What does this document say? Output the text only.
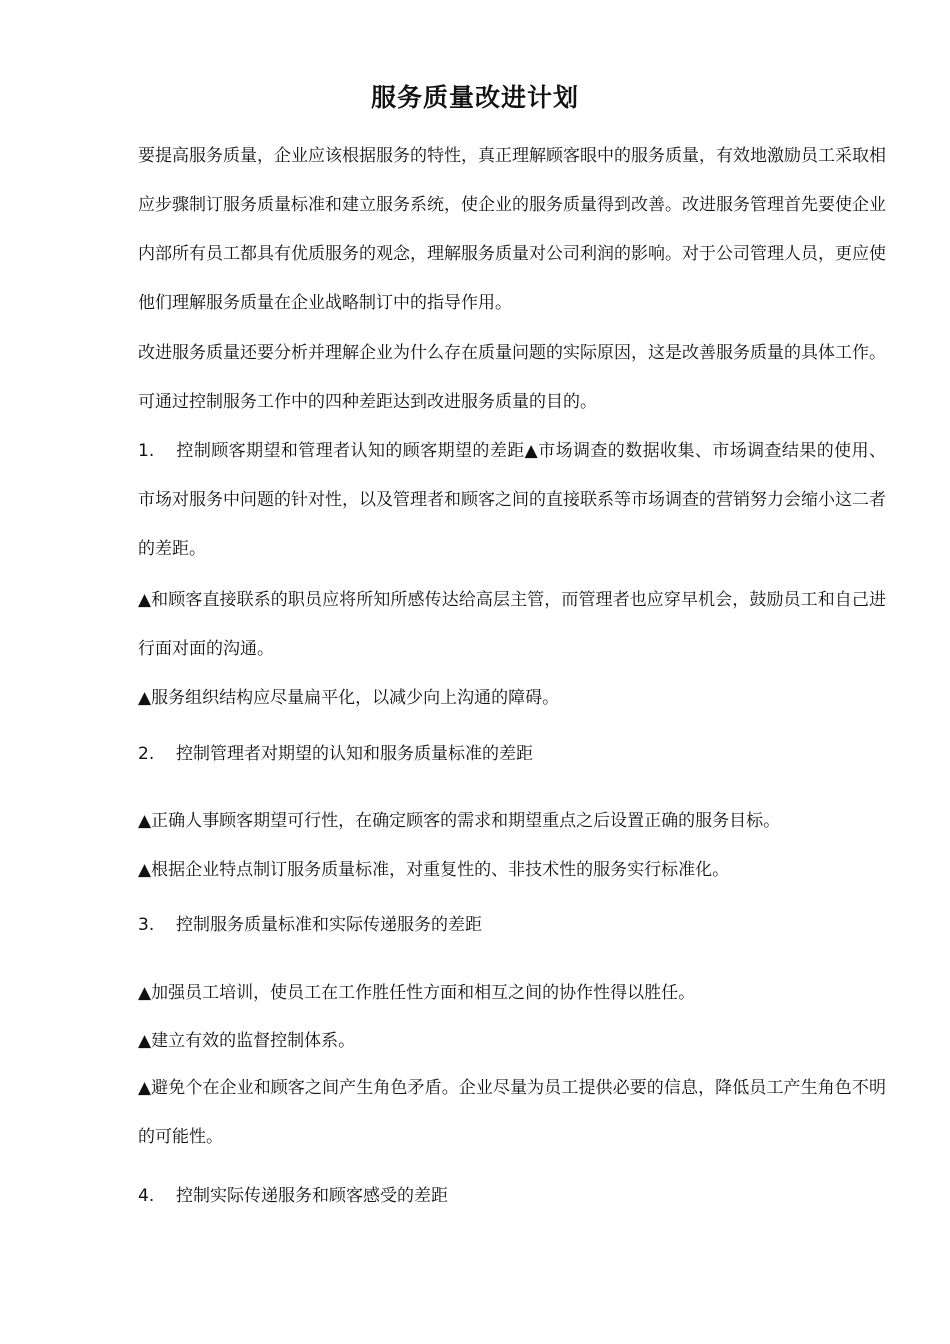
服务质量改进计划

要提高服务质量，企业应该根据服务的特性，真正理解顾客眼中的服务质量，有效地激励员工采取相应步骤制订服务质量标准和建立服务系统，使企业的服务质量得到改善。改进服务管理首先要使企业内部所有员工都具有优质服务的观念，理解服务质量对公司利润的影响。对于公司管理人员，更应使他们理解服务质量在企业战略制订中的指导作用。

改进服务质量还要分析并理解企业为什么存在质量问题的实际原因，这是改善服务质量的具体工作。可通过控制服务工作中的四种差距达到改进服务质量的目的。

1. 控制顾客期望和管理者认知的顾客期望的差距▲市场调查的数据收集、市场调查结果的使用、市场对服务中问题的针对性，以及管理者和顾客之间的直接联系等市场调查的营销努力会缩小这二者的差距。

▲和顾客直接联系的职员应将所知所感传达给高层主管，而管理者也应穿早机会，鼓励员工和自己进行面对面的沟通。

▲服务组织结构应尽量扁平化，以减少向上沟通的障碍。

2. 控制管理者对期望的认知和服务质量标准的差距

▲正确人事顾客期望可行性，在确定顾客的需求和期望重点之后设置正确的服务目标。

▲根据企业特点制订服务质量标准，对重复性的、非技术性的服务实行标准化。

3. 控制服务质量标准和实际传递服务的差距

▲加强员工培训，使员工在工作胜任性方面和相互之间的协作性得以胜任。

▲建立有效的监督控制体系。

▲避免个在企业和顾客之间产生角色矛盾。企业尽量为员工提供必要的信息，降低员工产生角色不明的可能性。

4. 控制实际传递服务和顾客感受的差距
